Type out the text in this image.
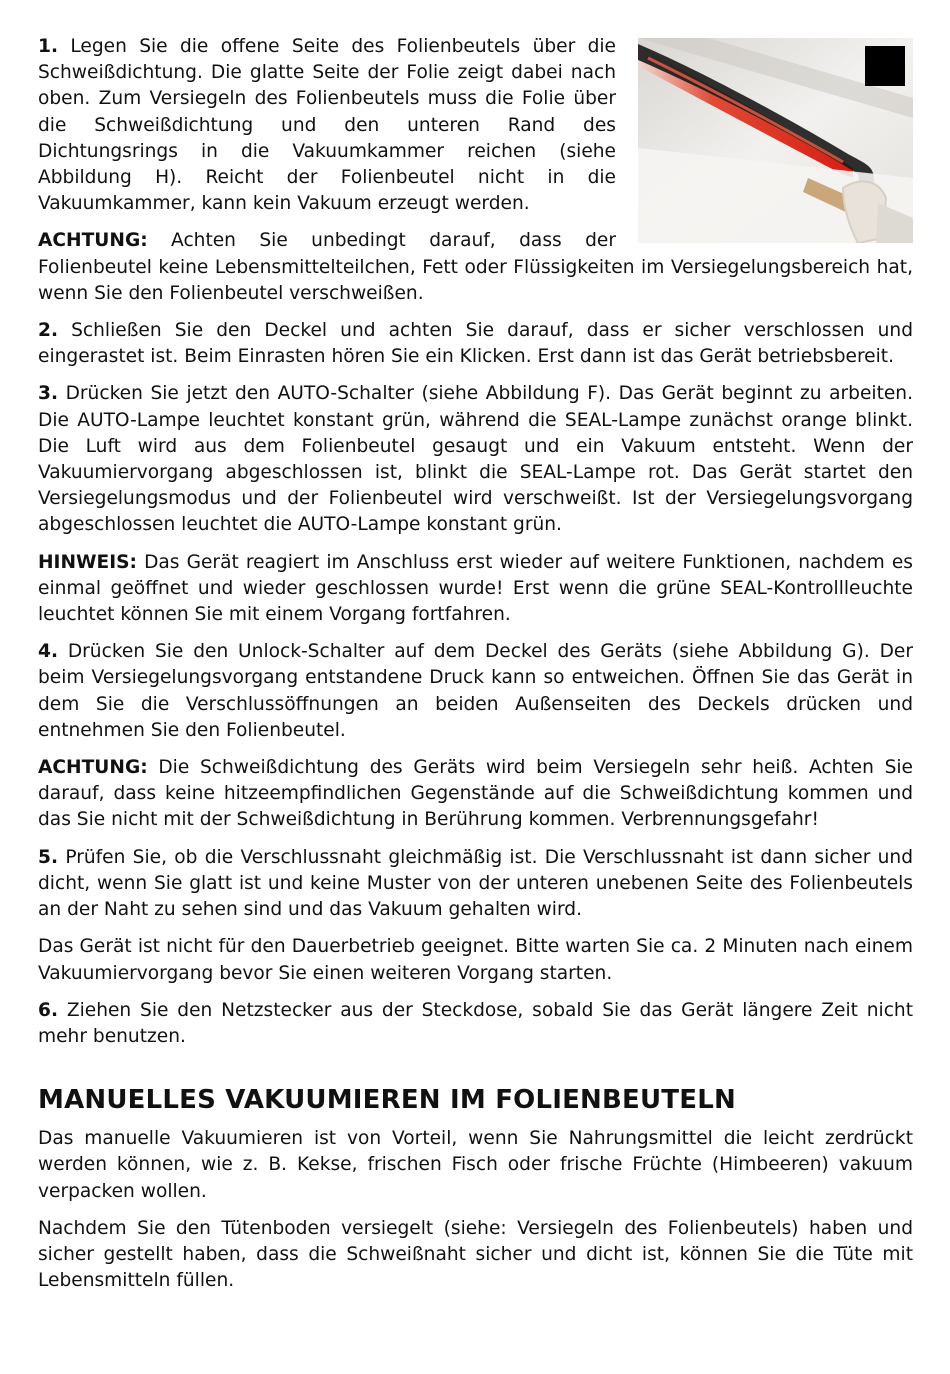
1. Legen Sie die offene Seite des Folienbeutels über die Schweißdichtung. Die glatte Seite der Folie zeigt dabei nach oben. Zum Versiegeln des Folienbeutels muss die Folie über die Schweißdichtung und den unteren Rand des Dichtungsrings in die Vakuumkammer reichen (siehe Abbildung H). Reicht der Folienbeutel nicht in die Vakuumkammer, kann kein Vakuum erzeugt werden.

ACHTUNG: Achten Sie unbedingt darauf, dass der Folienbeutel keine Lebensmittelteilchen, Fett oder Flüssigkeiten im Versiegelungsbereich hat, wenn Sie den Folienbeutel verschweißen.

2. Schließen Sie den Deckel und achten Sie darauf, dass er sicher verschlossen und eingerastet ist. Beim Einrasten hören Sie ein Klicken. Erst dann ist das Gerät betriebsbereit.

3. Drücken Sie jetzt den AUTO-Schalter (siehe Abbildung F). Das Gerät beginnt zu arbeiten. Die AUTO-Lampe leuchtet konstant grün, während die SEAL-Lampe zunächst orange blinkt. Die Luft wird aus dem Folienbeutel gesaugt und ein Vakuum entsteht. Wenn der Vakuumiervorgang abgeschlossen ist, blinkt die SEAL-Lampe rot. Das Gerät startet den Versiegelungsmodus und der Folienbeutel wird verschweißt. Ist der Versiegelungsvorgang abgeschlossen leuchtet die AUTO-Lampe konstant grün.

HINWEIS: Das Gerät reagiert im Anschluss erst wieder auf weitere Funktionen, nachdem es einmal geöffnet und wieder geschlossen wurde! Erst wenn die grüne SEAL-Kontrollleuchte leuchtet können Sie mit einem Vorgang fortfahren.

4. Drücken Sie den Unlock-Schalter auf dem Deckel des Geräts (siehe Abbildung G). Der beim Versiegelungsvorgang entstandene Druck kann so entweichen. Öffnen Sie das Gerät in dem Sie die Verschlussöffnungen an beiden Außenseiten des Deckels drücken und entnehmen Sie den Folienbeutel.

ACHTUNG: Die Schweißdichtung des Geräts wird beim Versiegeln sehr heiß. Achten Sie darauf, dass keine hitzeempfindlichen Gegenstände auf die Schweißdichtung kommen und das Sie nicht mit der Schweißdichtung in Berührung kommen. Verbrennungsgefahr!

5. Prüfen Sie, ob die Verschlussnaht gleichmäßig ist. Die Verschlussnaht ist dann sicher und dicht, wenn Sie glatt ist und keine Muster von der unteren unebenen Seite des Folienbeutels an der Naht zu sehen sind und das Vakuum gehalten wird.

Das Gerät ist nicht für den Dauerbetrieb geeignet. Bitte warten Sie ca. 2 Minuten nach einem Vakuumiervorgang bevor Sie einen weiteren Vorgang starten.

6. Ziehen Sie den Netzstecker aus der Steckdose, sobald Sie das Gerät längere Zeit nicht mehr benutzen.

MANUELLES VAKUUMIEREN IM FOLIENBEUTELN

Das manuelle Vakuumieren ist von Vorteil, wenn Sie Nahrungsmittel die leicht zerdrückt werden können, wie z. B. Kekse, frischen Fisch oder frische Früchte (Himbeeren) vakuum verpacken wollen.

Nachdem Sie den Tütenboden versiegelt (siehe: Versiegeln des Folienbeutels) haben und sicher gestellt haben, dass die Schweißnaht sicher und dicht ist, können Sie die Tüte mit Lebensmitteln füllen.
